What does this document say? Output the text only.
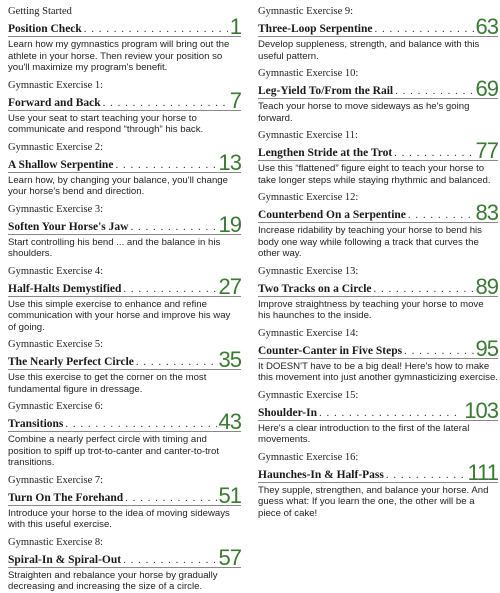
Getting Started
Position Check . . .	1
Learn how my gymnastics program will bring out the athlete in your horse. Then review your position so you'll maximize my program's benefit.
Gymnastic Exercise 1:
Forward and Back . . .	7
Use your seat to start teaching your horse to communicate and respond “through” his back.
Gymnastic Exercise 2:
A Shallow Serpentine . . .	13
Learn how, by changing your balance, you'll change your horse's bend and direction.
Gymnastic Exercise 3:
Soften Your Horse's Jaw . . .	19
Start controlling his bend ... and the balance in his shoulders.
Gymnastic Exercise 4:
Half-Halts Demystified . . .	27
Use this simple exercise to enhance and refine communication with your horse and improve his way of going.
Gymnastic Exercise 5:
The Nearly Perfect Circle . . .	35
Use this exercise to get the corner on the most fundamental figure in dressage.
Gymnastic Exercise 6:
Transitions . . .	43
Combine a nearly perfect circle with timing and position to spiff up trot-to-canter and canter-to-trot transitions.
Gymnastic Exercise 7:
Turn On The Forehand . . .	51
Introduce your horse to the idea of moving sideways with this useful exercise.
Gymnastic Exercise 8:
Spiral-In & Spiral-Out . . .	57
Straighten and rebalance your horse by gradually decreasing and increasing the size of a circle.
Gymnastic Exercise 9:
Three-Loop Serpentine . . .	63
Develop suppleness, strength, and balance with this useful pattern.
Gymnastic Exercise 10:
Leg-Yield To/From the Rail . . .	69
Teach your horse to move sideways as he's going forward.
Gymnastic Exercise 11:
Lengthen Stride at the Trot . . .	77
Use this “flattened” figure eight to teach your horse to take longer steps while staying rhythmic and balanced.
Gymnastic Exercise 12:
Counterbend On a Serpentine . . .	83
Increase ridability by teaching your horse to bend his body one way while following a track that curves the other way.
Gymnastic Exercise 13:
Two Tracks on a Circle . . .	89
Improve straightness by teaching your horse to move his haunches to the inside.
Gymnastic Exercise 14:
Counter-Canter in Five Steps . . .	95
It DOESN'T have to be a big deal! Here's how to make this movement into just another gymnasticizing exercise.
Gymnastic Exercise 15:
Shoulder-In . . .	103
Here's a clear introduction to the first of the lateral movements.
Gymnastic Exercise 16:
Haunches-In & Half-Pass . . .	111
They supple, strengthen, and balance your horse. And guess what: If you learn the one, the other will be a piece of cake!
